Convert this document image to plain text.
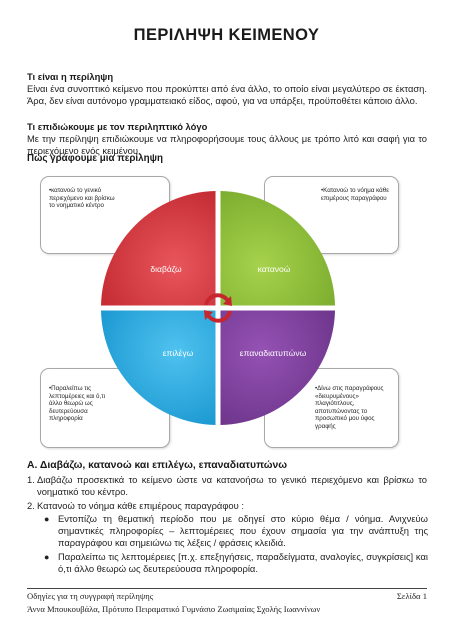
ΠΕΡΙΛΗΨΗ ΚΕΙΜΕΝΟΥ
Τι είναι η περίληψη
Είναι ένα συνοπτικό κείμενο που προκύπτει από ένα άλλο, το οποίο είναι μεγαλύτερο σε έκταση. Άρα, δεν είναι αυτόνομο γραμματειακό είδος, αφού, για να υπάρξει, προϋποθέτει κάποιο άλλο.
Τι επιδιώκουμε με τον περιληπτικό λόγο
Με την περίληψη επιδιώκουμε να πληροφορήσουμε τους άλλους με τρόπο λιτό και σαφή για το περιεχόμενο ενός κειμένου.
Πώς γράφουμε μια περίληψη
•κατανοώ το γενικό
περιεχόμενο και βρίσκω
το νοηματικό κέντρο
•Κατανοώ το νόημα κάθε
επιμέρους παραγράφου
•Παραλείπω τις
λεπτομέρειες και ό,τι
άλλο θεωρώ ως
δευτερεύουσα
πληροφορία
•Δίνω στις παραγράφους
«διευρυμένους»
πλαγιότιτλους,
αποτυπώνοντας το
προσωπικό μου ύφος
γραφής
διαβάζω	κατανοώ
επιλέγω	επαναδιατυπώνω
Α. Διαβάζω, κατανοώ και επιλέγω, επαναδιατυπώνω
1. Διαβάζω προσεκτικά το κείμενο ώστε να κατανοήσω το γενικό περιεχόμενο και βρίσκω το νοηματικό του κέντρο.
2. Κατανοώ το νόημα κάθε επιμέρους παραγράφου :
● Εντοπίζω τη θεματική περίοδο που με οδηγεί στο κύριο θέμα / νόημα. Ανιχνεύω σημαντικές πληροφορίες – λεπτομέρειες που έχουν σημασία για την ανάπτυξη της παραγράφου και σημειώνω τις λέξεις / φράσεις κλειδιά.
● Παραλείπω τις λεπτομέρειες [π.χ. επεξηγήσεις, παραδείγματα, αναλογίες, συγκρίσεις] και ό,τι άλλο θεωρώ ως δευτερεύουσα πληροφορία.
Οδηγίες για τη συγγραφή περίληψης	Σελίδα 1
Άννα Μπουκουβάλα, Πρότυπο Πειραματικό Γυμνάσιο Ζωσιμαίας Σχολής Ιωαννίνων
